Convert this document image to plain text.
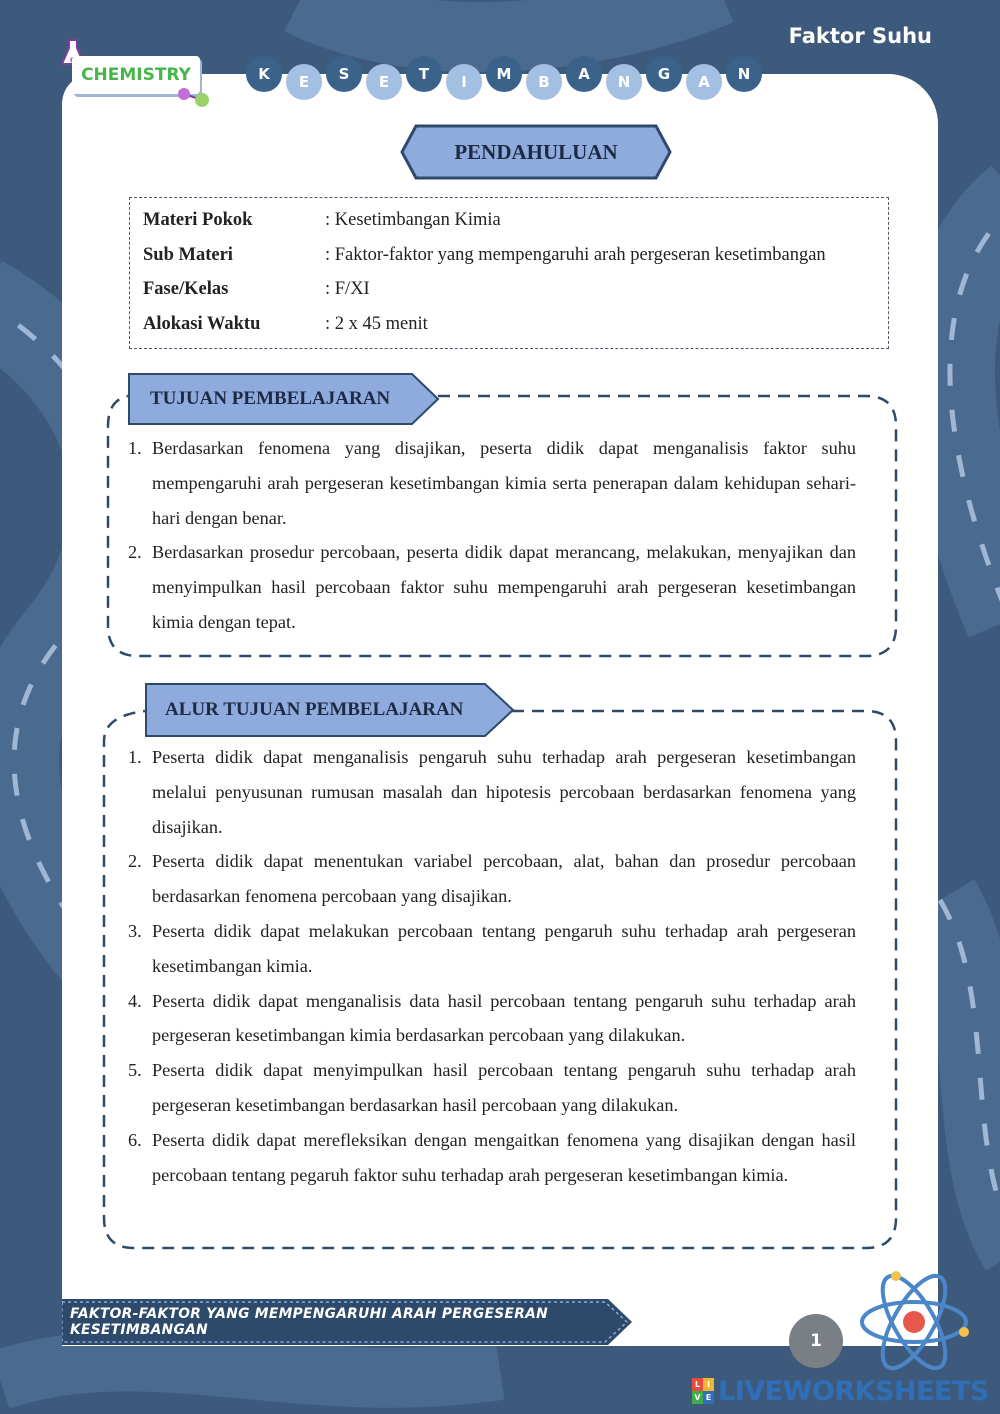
Faktor Suhu
CHEMISTRY	K	E	S	E	T	I	M	B	A	N	G	A	N
PENDAHULUAN
Materi Pokok	: Kesetimbangan Kimia
Sub Materi	: Faktor-faktor yang mempengaruhi arah pergeseran kesetimbangan
Fase/Kelas	: F/XI
Alokasi Waktu	: 2 x 45 menit
TUJUAN PEMBELAJARAN
1. Berdasarkan fenomena yang disajikan, peserta didik dapat menganalisis faktor suhu mempengaruhi arah pergeseran kesetimbangan kimia serta penerapan dalam kehidupan sehari-hari dengan benar.
2. Berdasarkan prosedur percobaan, peserta didik dapat merancang, melakukan, menyajikan dan menyimpulkan hasil percobaan faktor suhu mempengaruhi arah pergeseran kesetimbangan kimia dengan tepat.
ALUR TUJUAN PEMBELAJARAN
1. Peserta didik dapat menganalisis pengaruh suhu terhadap arah pergeseran kesetimbangan melalui penyusunan rumusan masalah dan hipotesis percobaan berdasarkan fenomena yang disajikan.
2. Peserta didik dapat menentukan variabel percobaan, alat, bahan dan prosedur percobaan berdasarkan fenomena percobaan yang disajikan.
3. Peserta didik dapat melakukan percobaan tentang pengaruh suhu terhadap arah pergeseran kesetimbangan kimia.
4. Peserta didik dapat menganalisis data hasil percobaan tentang pengaruh suhu terhadap arah pergeseran kesetimbangan kimia berdasarkan percobaan yang dilakukan.
5. Peserta didik dapat menyimpulkan hasil percobaan tentang pengaruh suhu terhadap arah pergeseran kesetimbangan berdasarkan hasil percobaan yang dilakukan.
6. Peserta didik dapat merefleksikan dengan mengaitkan fenomena yang disajikan dengan hasil percobaan tentang pegaruh faktor suhu terhadap arah pergeseran kesetimbangan kimia.
FAKTOR-FAKTOR YANG MEMPENGARUHI ARAH PERGESERAN KESETIMBANGAN
1
L I
V E LIVEWORKSHEETS
